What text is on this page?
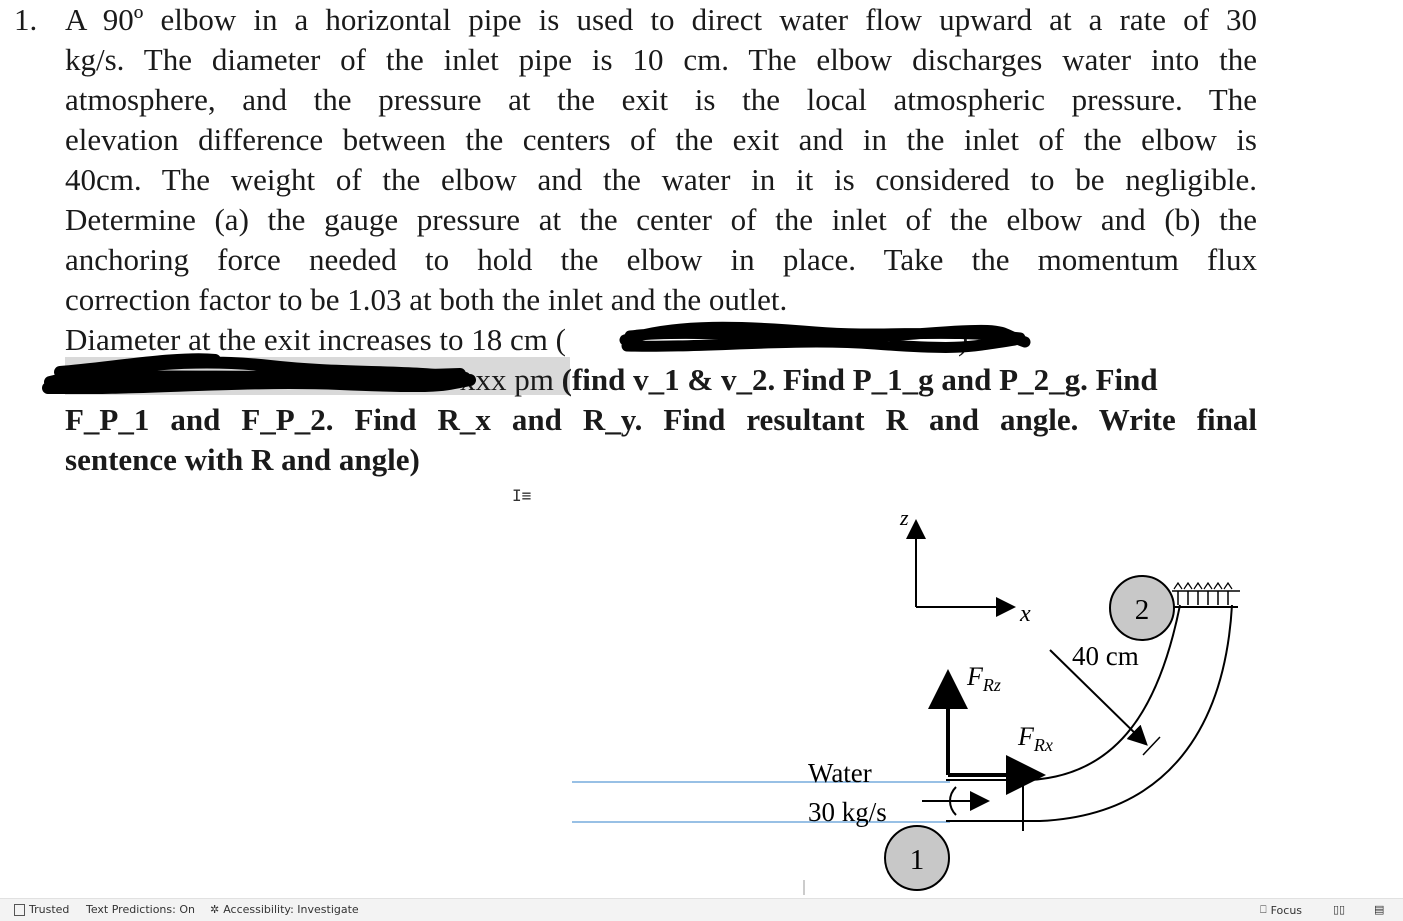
1. A 90º elbow in a horizontal pipe is used to direct water flow upward at a rate of 30
kg/s. The diameter of the inlet pipe is 10 cm. The elbow discharges water into the
atmosphere, and the pressure at the exit is the local atmospheric pressure. The
elevation difference between the centers of the exit and in the inlet of the elbow is
40cm. The weight of the elbow and the water in it is considered to be negligible.
Determine (a) the gauge pressure at the center of the inlet of the elbow and (b) the
anchoring force needed to hold the elbow in place. Take the momentum flux
correction factor to be 1.03 at both the inlet and the outlet.
Diameter at the exit increases to 18 cm (	)
xxx pm (find v_1 & v_2. Find P_1_g and P_2_g. Find
F_P_1 and F_P_2. Find R_x and R_y. Find resultant R and angle. Write final
sentence with R and angle)
I≡
z
x
$F_{Rz}$
$F_{Rx}$
40 cm
Water
30 kg/s
1
2
Trusted Text Predictions: On ✲ Accessibility: Investigate	⎕ Focus	▯▯	▤
